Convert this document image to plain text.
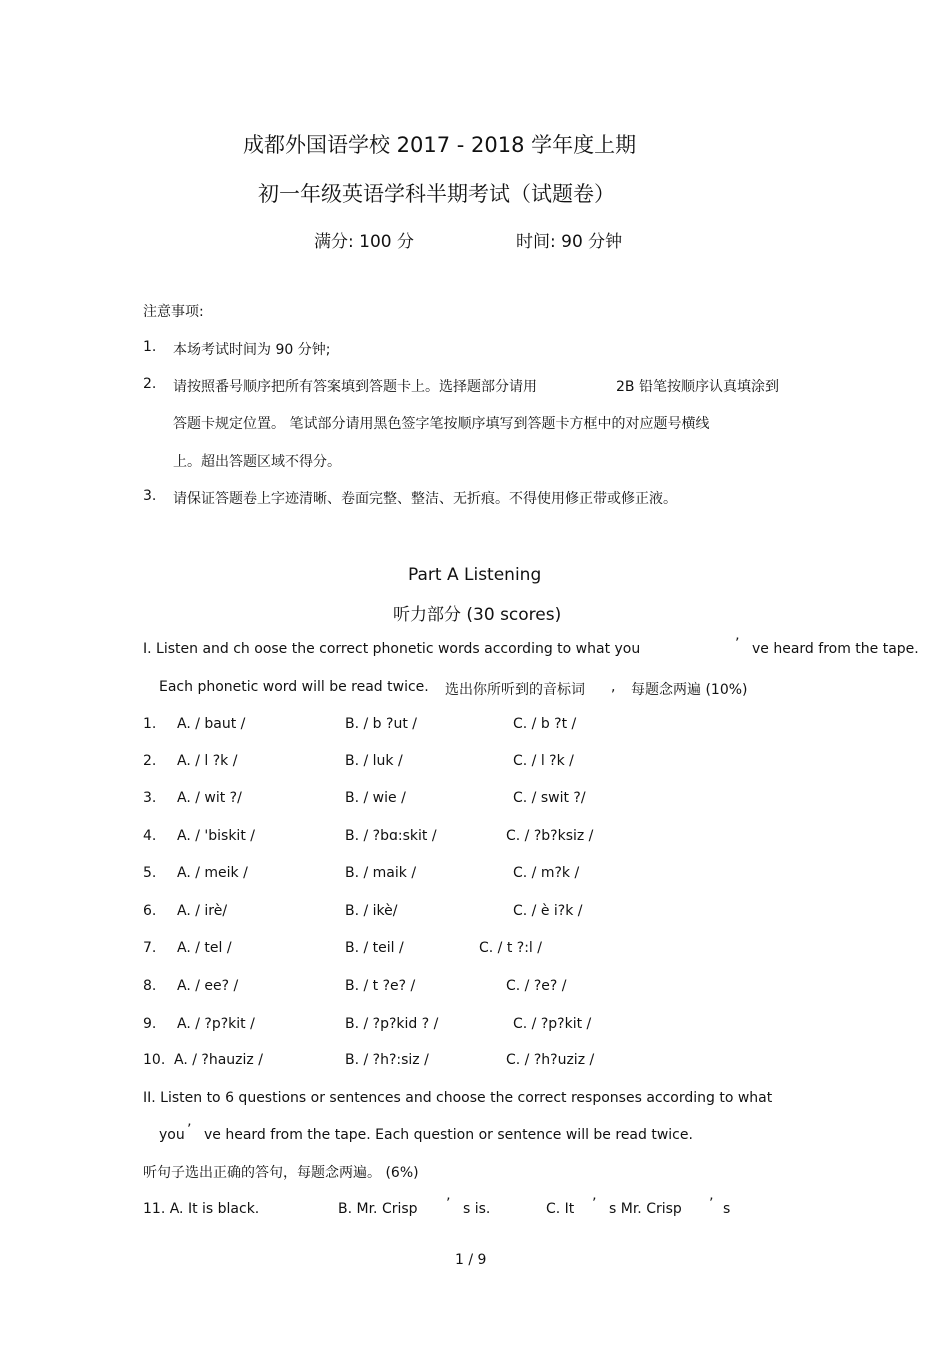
成都外国语学校 2017 - 2018 学年度上期
初一年级英语学科半期考试（试题卷）
满分: 100 分	时间: 90 分钟
注意事项:
1. 本场考试时间为 90 分钟;
2. 请按照番号顺序把所有答案填到答题卡上。选择题部分请用	2B 铅笔按顺序认真填涂到
答题卡规定位置。 笔试部分请用黑色签字笔按顺序填写到答题卡方框中的对应题号横线
上。超出答题区域不得分。
3. 请保证答题卷上字迹清晰、卷面完整、整洁、无折痕。不得使用修正带或修正液。
Part A Listening
听力部分 (30 scores)
I. Listen and ch oose the correct phonetic words according to what you	’ ve heard from the tape.
Each phonetic word will be read twice. 选出你所听到的音标词 , 每题念两遍 (10%)
1. A. / baut /	B. / b ?ut /	C. / b ?t /
2. A. / l ?k /	B. / luk /	C. / l ?k /
3. A. / wit ?/	B. / wie /	C. / swit ?/
4. A. / 'biskit /	B. / ?bɑ:skit /	C. / ?b?ksiz /
5. A. / meik /	B. / maik /	C. / m?k /
6. A. / irè/	B. / ikè/	C. / è i?k /
7. A. / tel /	B. / teil /	C. / t ?:l /
8. A. / ee? /	B. / t ?e? /	C. / ?e? /
9. A. / ?p?kit /	B. / ?p?kid ? /	C. / ?p?kit /
10. A. / ?hauziz /	B. / ?h?:siz /	C. / ?h?uziz /
II. Listen to 6 questions or sentences and choose the correct responses according to what
you ’ ve heard from the tape. Each question or sentence will be read twice.
听句子选出正确的答句，每题念两遍。 (6%)
11. A. It is black.	B. Mr. Crisp ’ s is.	C. It ’ s Mr. Crisp ’ s
1 / 9
